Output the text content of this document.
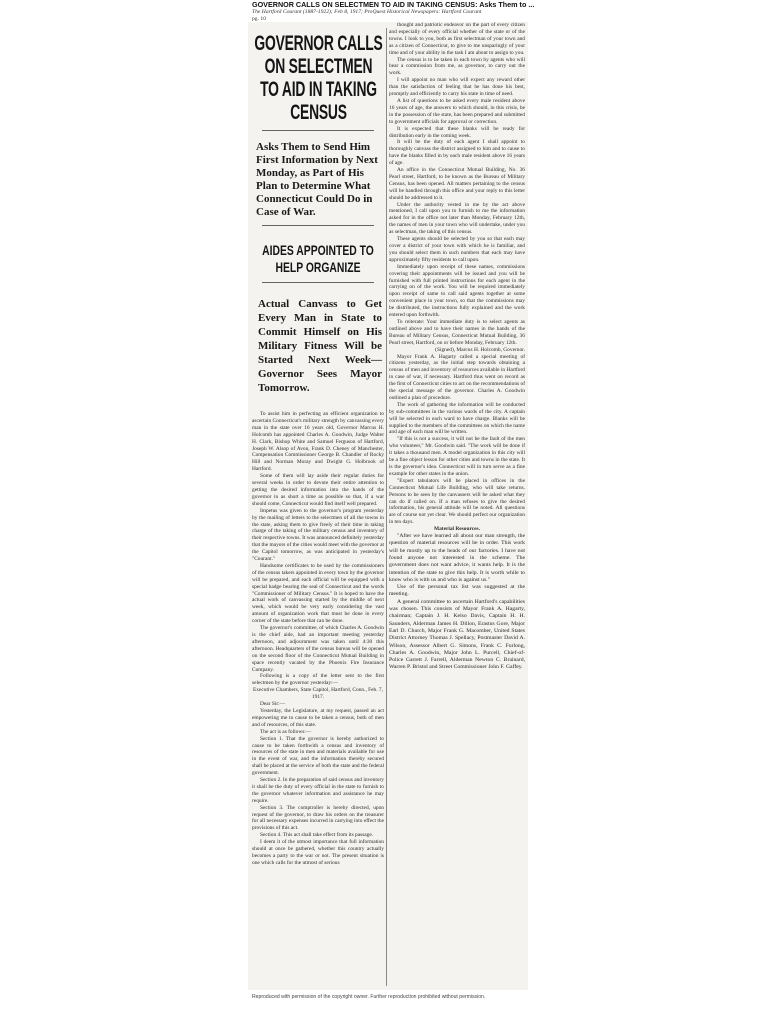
GOVERNOR CALLS ON SELECTMEN TO AID IN TAKING CENSUS: Asks Them to ...
The Hartford Courant (1887-1922); Feb 8, 1917; ProQuest Historical Newspapers: Hartford Courant
pg. 10
GOVERNOR CALLS ON SELECTMEN TO AID IN TAKING CENSUS
Asks Them to Send Him First Information by Next Monday, as Part of His Plan to Determine What Connecticut Could Do in Case of War.
AIDES APPOINTED TO HELP ORGANIZE
Actual Canvass to Get Every Man in State to Commit Himself on His Military Fitness Will be Started Next Week—Governor Sees Mayor Tomorrow.

To assist him in perfecting an efficient organization to ascertain Connecticut's military strength by canvassing every man in the state over 16 years old, Governor Marcus H. Holcomb has appointed Charles A. Goodwin, Judge Walter H. Clark, Bishop White and Samuel Ferguson of Hartford, Joseph W. Alsop of Avon, Frank D. Cheney of Manchester, Compensation Commissioner George B. Chandler of Rocky Hill and Norman Moray and Dwight G. Holbrook of Hartford.

Some of them will lay aside their regular duties for several weeks in order to devote their entire attention to getting the desired information into the hands of the governor in as short a time as possible so that, if a war should come, Connecticut would find itself well prepared.

Impetus was given to the governor's program yesterday by the mailing of letters to the selectmen of all the towns in the state, asking them to give freely of their time in taking charge of the taking of the military census and inventory of their respective towns. It was announced definitely yesterday that the mayors of the cities would meet with the governor at the Capitol tomorrow, as was anticipated in yesterday's "Courant."

Handsome certificates to be used by the commissioners of the census takers appointed in every town by the governor will be prepared, and each official will be equipped with a special badge bearing the seal of Connecticut and the words "Commissioner of Military Census." It is hoped to have the actual work of canvassing started by the middle of next week, which would be very early considering the vast amount of organization work that must be done in every corner of the state before that can be done.

The governor's committee, of which Charles A. Goodwin is the chief aide, had an important meeting yesterday afternoon, and adjournment was taken until 4:30 this afternoon. Headquarters of the census bureau will be opened on the second floor of the Connecticut Mutual Building in space recently vacated by the Phoenix Fire Insurance Company.

Following is a copy of the letter sent to the first selectmen by the governor yesterday:—

Executive Chambers, State Capitol, Hartford, Conn., Feb. 7, 1917.

Dear Sir:—

Yesterday, the Legislature, at my request, passed an act empowering me to cause to be taken a census, both of men and of resources, of this state.

The act is as follows:—

Section 1. That the governor is hereby authorized to cause to be taken forthwith a census and inventory of resources of the state in men and materials available for use in the event of war, and the information thereby secured shall be placed at the service of both the state and the federal government.

Section 2. In the preparation of said census and inventory it shall be the duty of every official in the state to furnish to the governor whatever information and assistance he may require.

Section 3. The comptroller is hereby directed, upon request of the governor, to draw his orders on the treasurer for all necessary expenses incurred in carrying into effect the provisions of this act.

Section 4. This act shall take effect from its passage.

I deem it of the utmost importance that full information should at once be gathered, whether this country actually becomes a party to the war or not. The present situation is one which calls for the utmost of serious

thought and patriotic endeavor on the part of every citizen and especially of every official whether of the state or of the towns. I look to you, both as first selectman of your town and as a citizen of Connecticut, to give to me unsparingly of your time and of your ability in the task I am about to assign to you.

The census is to be taken in each town by agents who will bear a commission from me, as governor, to carry out the work.

I will appoint no man who will expect any reward other than the satisfaction of feeling that he has done his best, promptly and efficiently to carry his state in time of need.

A list of questions to be asked every male resident above 16 years of age, the answers to which should, in this crisis, be in the possession of the state, has been prepared and submitted to government officials for approval or correction.

It is expected that these blanks will be ready for distribution early in the coming week.

It will be the duty of each agent I shall appoint to thoroughly canvass the district assigned to him and to cause to have the blanks filled in by each male resident above 16 years of age.

An office in the Connecticut Mutual Building, No. 36 Pearl street, Hartford, to be known as the Bureau of Military Census, has been opened. All matters pertaining to the census will be handled through this office and your reply to this letter should be addressed to it.

Under the authority vested in me by the act above mentioned, I call upon you to furnish to me the information asked for in the office not later than Monday, February 12th, the names of men in your town who will undertake, under you as selectman, the taking of this census.

These agents should be selected by you so that each may cover a district of your town with which he is familiar, and you should select them in such numbers that each may have approximately fifty residents to call upon.

Immediately upon receipt of these names, commissions covering their appointments will be issued and you will be furnished with full printed instructions for each agent in the carrying on of the work. You will be required immediately upon receipt of same to call said agents together at some convenient place in your town, so that the commissions may be distributed, the instructions fully explained and the work entered upon forthwith.

To reiterate: Your immediate duty is to select agents as outlined above and to have their names in the hands of the Bureau of Military Census, Connecticut Mutual Building, 36 Pearl street, Hartford, on or before Monday, February 12th.

(Signed), Marcus H. Holcomb, Governor.

Mayor Frank A. Hagarty called a special meeting of citizens yesterday, as the initial step towards obtaining a census of men and inventory of resources available in Hartford in case of war, if necessary. Hartford thus went on record as the first of Connecticut cities to act on the recommendations of the special message of the governor. Charles A. Goodwin outlined a plan of procedure.

The work of gathering the information will be conducted by sub-committees in the various wards of the city. A captain will be selected in each ward to have charge. Blanks will be supplied to the members of the committees on which the name and age of each man will be written.

"If this is not a success, it will not be the fault of the men who volunteer," Mr. Goodwin said. "The work will be done if it takes a thousand men. A model organization in this city will be a fine object lesson for other cities and towns in the state. It is the governor's idea. Connecticut will in turn serve as a fine example for other states in the union.

"Expert tabulators will be placed in offices in the Connecticut Mutual Life Building, who will take returns. Persons to be seen by the canvassers will be asked what they can do if called on. If a man refuses to give the desired information, his general attitude will be noted. All questions are of course not yet clear. We should perfect our organization in ten days.

Material Resources.

"After we have learned all about our man strength, the question of material resources will be in order. This work will be mostly up to the heads of our factories. I have not found anyone not interested in the scheme. The government does not want advice, it wants help. It is the intention of the state to give this help. It is worth while to know who is with us and who is against us."

Use of the personal tax list was suggested at the meeting.

A general committee to ascertain Hartford's capabilities was chosen. This consists of Mayor Frank A. Hagarty, chairman; Captain J. H. Kelso Davis, Captain H. H. Saunders, Alderman James H. Dillon, Erastus Gore, Major Earl D. Church, Major Frank G. Macomber, United States District Attorney Thomas J. Spellacy, Postmaster David A. Wilson, Assessor Albert G. Simons, Frank C. Furlong, Charles A. Goodwin, Major John L. Purcell, Chief-of-Police Garrett J. Farrell, Alderman Newton C. Brainard, Warren P. Bristol and Street Commissioner John F. Gaffey.

Reproduced with permission of the copyright owner. Further reproduction prohibited without permission.
